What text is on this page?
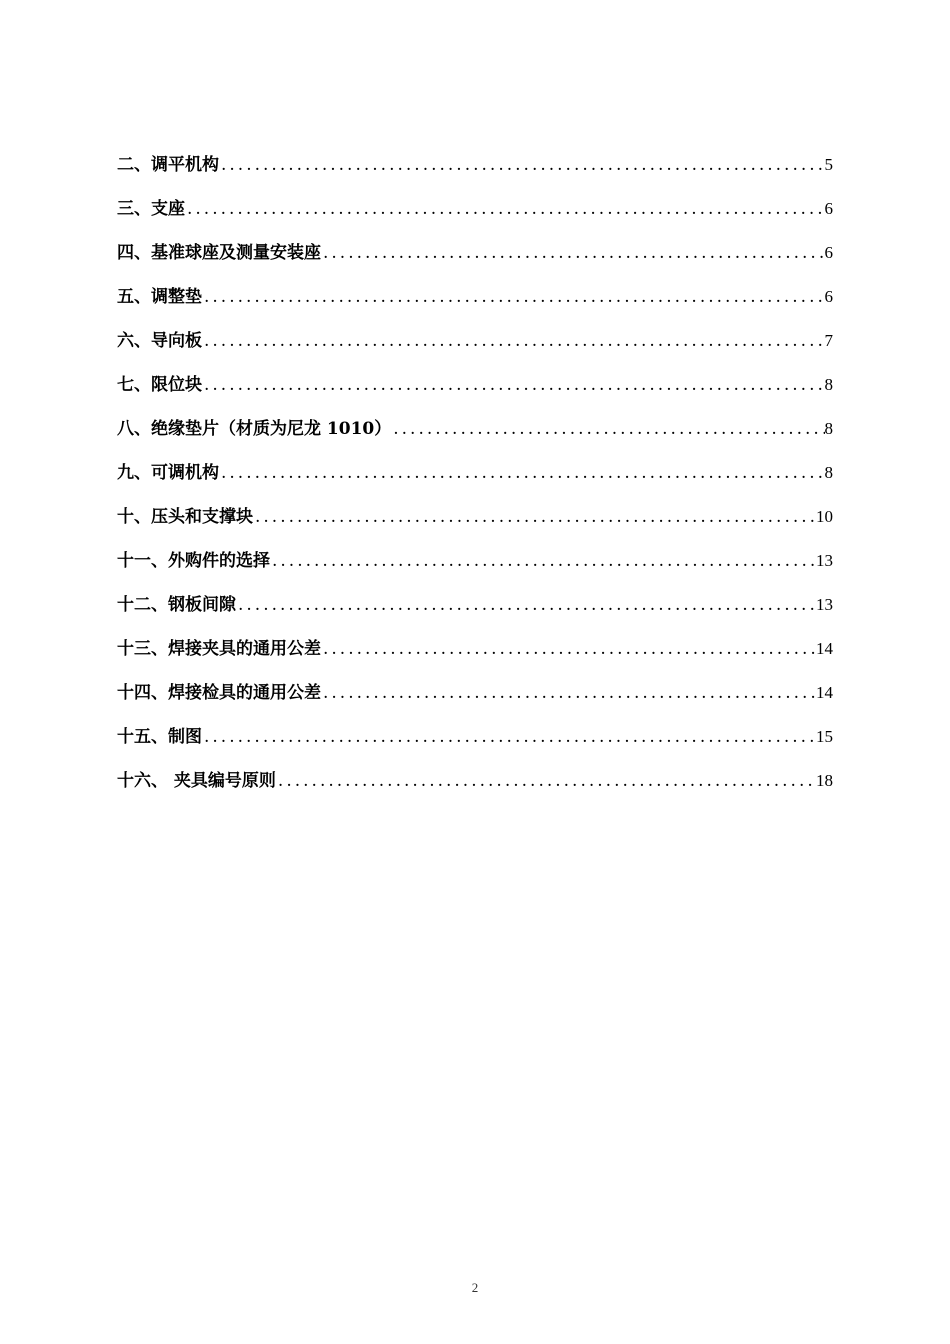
二、调平机构 .....	5
三、支座 .....	6
四、基准球座及测量安装座 .....	6
五、调整垫 .....	6
六、导向板 .....	7
七、限位块 .....	8
八、绝缘垫片（材质为尼龙 1010） .....	8
九、可调机构 .....	8
十、压头和支撑块 .....	10
十一、外购件的选择 .....	13
十二、钢板间隙 .....	13
十三、焊接夹具的通用公差 .....	14
十四、焊接检具的通用公差 .....	14
十五、制图 .....	15
十六、 夹具编号原则 .....	18
2
